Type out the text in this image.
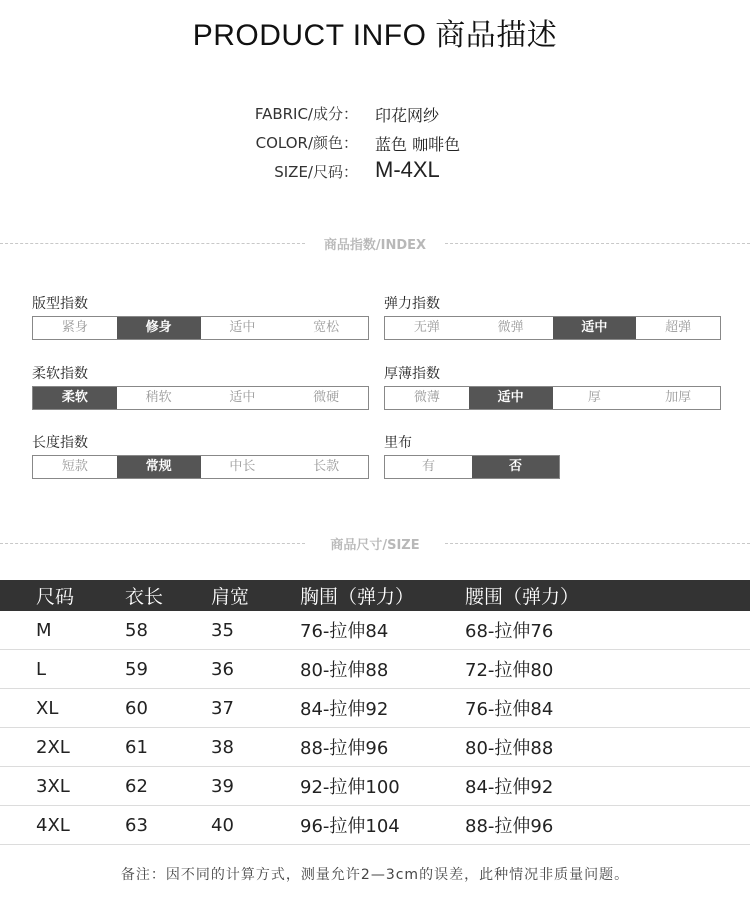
PRODUCT INFO 商品描述
FABRIC/成分： 印花网纱
COLOR/颜色： 蓝色 咖啡色
SIZE/尺码： M-4XL
商品指数/INDEX
版型指数
紧身	修身	适中	宽松
弹力指数
无弹	微弹	适中	超弹
柔软指数
柔软	稍软	适中	微硬
厚薄指数
微薄	适中	厚	加厚
长度指数
短款	常规	中长	长款
里布
有	否
商品尺寸/SIZE
尺码	衣长	肩宽	胸围（弹力）	腰围（弹力）
M	58	35	76-拉伸84	68-拉伸76
L	59	36	80-拉伸88	72-拉伸80
XL	60	37	84-拉伸92	76-拉伸84
2XL	61	38	88-拉伸96	80-拉伸88
3XL	62	39	92-拉伸100	84-拉伸92
4XL	63	40	96-拉伸104	88-拉伸96
备注：因不同的计算方式，测量允许2—3cm的误差，此种情况非质量问题。
